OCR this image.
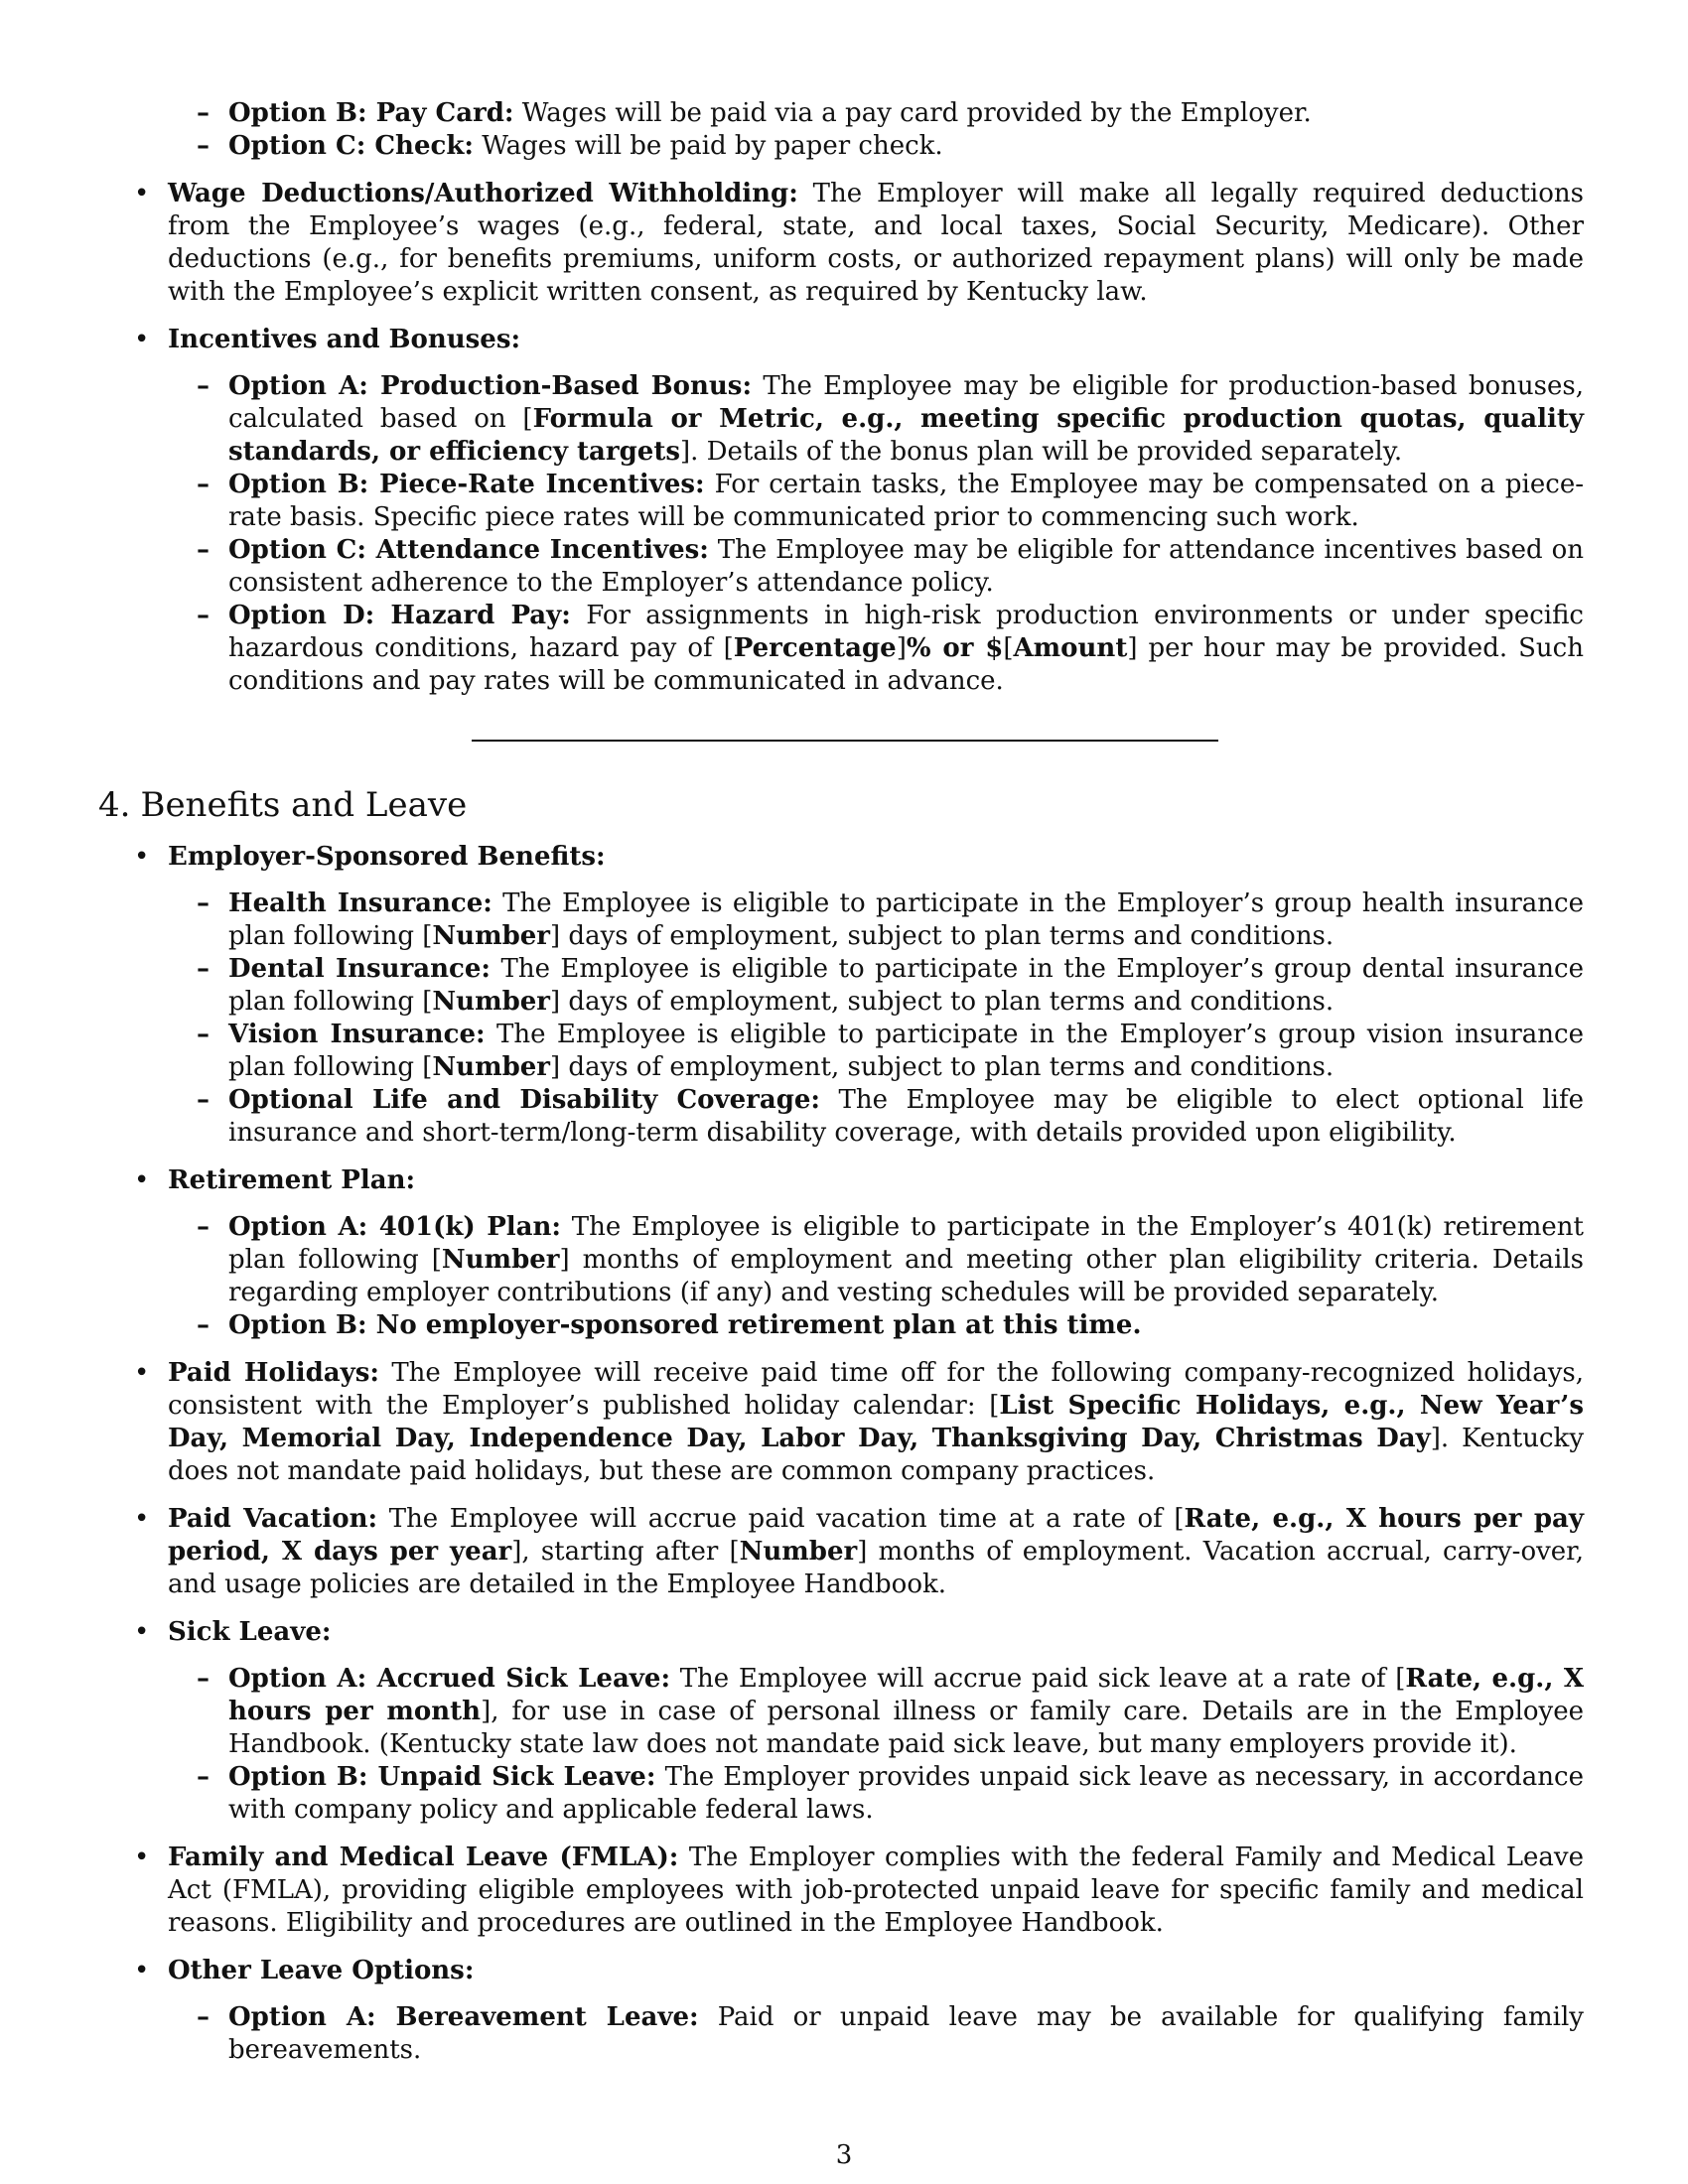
– Option B: Pay Card: Wages will be paid via a pay card provided by the Employer.
– Option C: Check: Wages will be paid by paper check.
• Wage Deductions/Authorized Withholding: The Employer will make all legally required deductions from the Employee’s wages (e.g., federal, state, and local taxes, Social Security, Medicare). Other deductions (e.g., for benefits premiums, uniform costs, or authorized repayment plans) will only be made with the Employee’s explicit written consent, as required by Kentucky law.
• Incentives and Bonuses:
– Option A: Production-Based Bonus: The Employee may be eligible for production-based bonuses, calculated based on [Formula or Metric, e.g., meeting specific production quotas, quality standards, or efficiency targets]. Details of the bonus plan will be provided separately.
– Option B: Piece-Rate Incentives: For certain tasks, the Employee may be compensated on a piece-rate basis. Specific piece rates will be communicated prior to commencing such work.
– Option C: Attendance Incentives: The Employee may be eligible for attendance incentives based on consistent adherence to the Employer’s attendance policy.
– Option D: Hazard Pay: For assignments in high-risk production environments or under specific hazardous conditions, hazard pay of [Percentage]% or $[Amount] per hour may be provided. Such conditions and pay rates will be communicated in advance.
4. Benefits and Leave
• Employer-Sponsored Benefits:
– Health Insurance: The Employee is eligible to participate in the Employer’s group health insurance plan following [Number] days of employment, subject to plan terms and conditions.
– Dental Insurance: The Employee is eligible to participate in the Employer’s group dental insurance plan following [Number] days of employment, subject to plan terms and conditions.
– Vision Insurance: The Employee is eligible to participate in the Employer’s group vision insurance plan following [Number] days of employment, subject to plan terms and conditions.
– Optional Life and Disability Coverage: The Employee may be eligible to elect optional life insurance and short-term/long-term disability coverage, with details provided upon eligibility.
• Retirement Plan:
– Option A: 401(k) Plan: The Employee is eligible to participate in the Employer’s 401(k) retirement plan following [Number] months of employment and meeting other plan eligibility criteria. Details regarding employer contributions (if any) and vesting schedules will be provided separately.
– Option B: No employer-sponsored retirement plan at this time.
• Paid Holidays: The Employee will receive paid time off for the following company-recognized holidays, consistent with the Employer’s published holiday calendar: [List Specific Holidays, e.g., New Year’s Day, Memorial Day, Independence Day, Labor Day, Thanksgiving Day, Christmas Day]. Kentucky does not mandate paid holidays, but these are common company practices.
• Paid Vacation: The Employee will accrue paid vacation time at a rate of [Rate, e.g., X hours per pay period, X days per year], starting after [Number] months of employment. Vacation accrual, carry-over, and usage policies are detailed in the Employee Handbook.
• Sick Leave:
– Option A: Accrued Sick Leave: The Employee will accrue paid sick leave at a rate of [Rate, e.g., X hours per month], for use in case of personal illness or family care. Details are in the Employee Handbook. (Kentucky state law does not mandate paid sick leave, but many employers provide it).
– Option B: Unpaid Sick Leave: The Employer provides unpaid sick leave as necessary, in accordance with company policy and applicable federal laws.
• Family and Medical Leave (FMLA): The Employer complies with the federal Family and Medical Leave Act (FMLA), providing eligible employees with job-protected unpaid leave for specific family and medical reasons. Eligibility and procedures are outlined in the Employee Handbook.
• Other Leave Options:
– Option A: Bereavement Leave: Paid or unpaid leave may be available for qualifying family bereavements.
3
